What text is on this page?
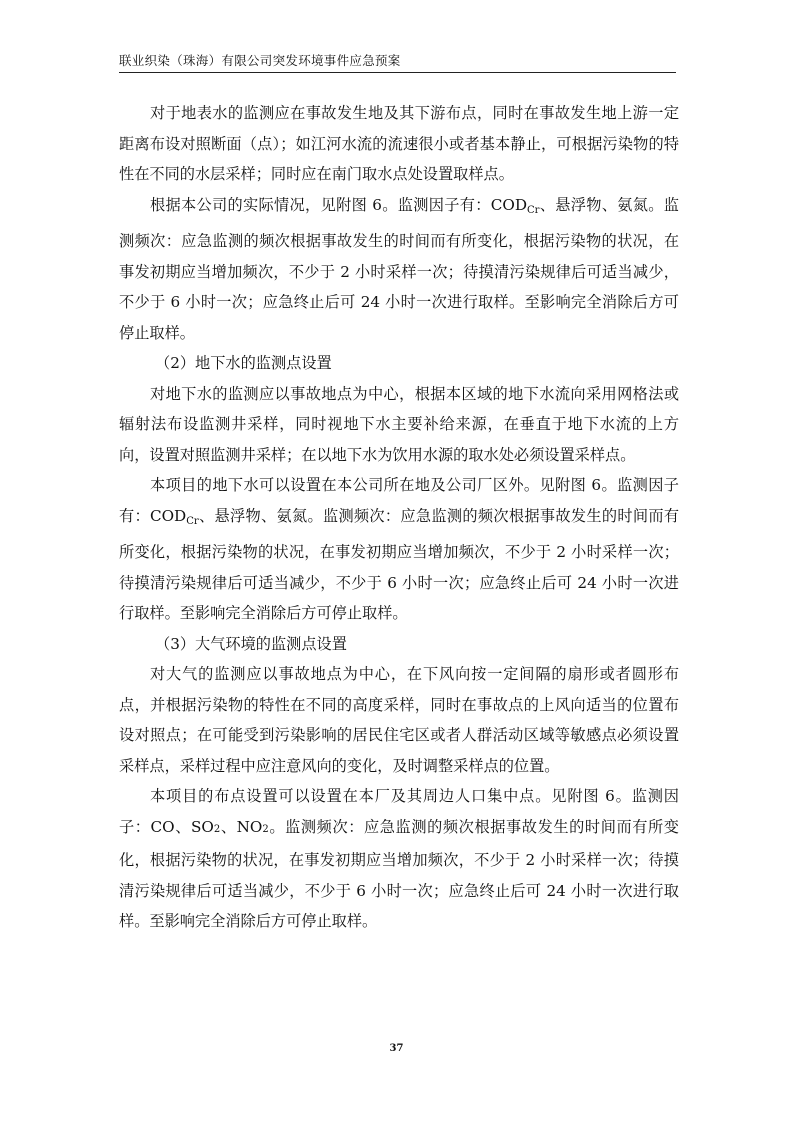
联业织染（珠海）有限公司突发环境事件应急预案

对于地表水的监测应在事故发生地及其下游布点，同时在事故发生地上游一定距离布设对照断面（点）；如江河水流的流速很小或者基本静止，可根据污染物的特性在不同的水层采样；同时应在南门取水点处设置取样点。

根据本公司的实际情况，见附图 6。监测因子有：$COD_{Cr}$、悬浮物、氨氮。监测频次：应急监测的频次根据事故发生的时间而有所变化，根据污染物的状况，在事发初期应当增加频次，不少于 2 小时采样一次；待摸清污染规律后可适当减少，不少于 6 小时一次；应急终止后可 24 小时一次进行取样。至影响完全消除后方可停止取样。

（2）地下水的监测点设置

对地下水的监测应以事故地点为中心，根据本区域的地下水流向采用网格法或辐射法布设监测井采样，同时视地下水主要补给来源，在垂直于地下水流的上方向，设置对照监测井采样；在以地下水为饮用水源的取水处必须设置采样点。

本项目的地下水可以设置在本公司所在地及公司厂区外。见附图 6。监测因子有：$COD_{Cr}$、悬浮物、氨氮。监测频次：应急监测的频次根据事故发生的时间而有所变化，根据污染物的状况，在事发初期应当增加频次，不少于 2 小时采样一次；待摸清污染规律后可适当减少，不少于 6 小时一次；应急终止后可 24 小时一次进行取样。至影响完全消除后方可停止取样。

（3）大气环境的监测点设置

对大气的监测应以事故地点为中心，在下风向按一定间隔的扇形或者圆形布点，并根据污染物的特性在不同的高度采样，同时在事故点的上风向适当的位置布设对照点；在可能受到污染影响的居民住宅区或者人群活动区域等敏感点必须设置采样点，采样过程中应注意风向的变化，及时调整采样点的位置。

本项目的布点设置可以设置在本厂及其周边人口集中点。见附图 6。监测因子：CO、SO2、NO2。监测频次：应急监测的频次根据事故发生的时间而有所变化，根据污染物的状况，在事发初期应当增加频次，不少于 2 小时采样一次；待摸清污染规律后可适当减少，不少于 6 小时一次；应急终止后可 24 小时一次进行取样。至影响完全消除后方可停止取样。

37
